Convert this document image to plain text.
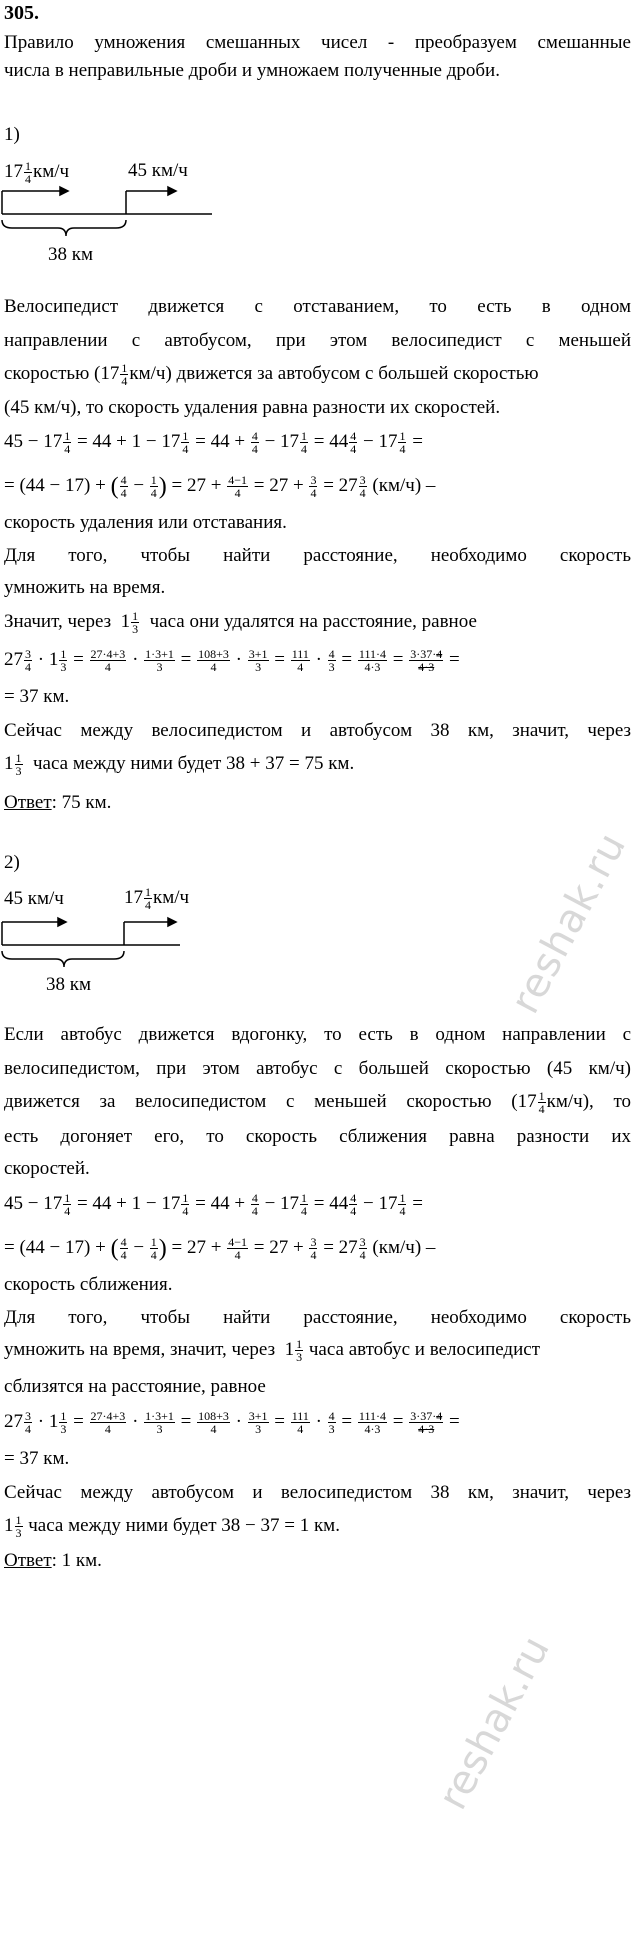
305.
Правило умножения смешанных чисел - преобразуем смешанные
числа в неправильные дроби и умножаем полученные дроби.
1)
$17 \frac{1}{4} км/ч$	45 км/ч
38 км
Велосипедист движется с отставанием, то есть в одном
направлении с автобусом, при этом велосипедист с меньшей
скоростью $(17 \frac{1}{4} км/ч)$ движется за автобусом с большей скоростью
(45 км/ч), то скорость удаления равна разности их скоростей.
$45 - 17 \frac{1}{4} = 44 + 1 - 17 \frac{1}{4} = 44 + \frac{4}{4} - 17 \frac{1}{4} = 44 \frac{4}{4} - 17 \frac{1}{4}$ =
= (44 − 17) + ( $\frac{4}{4} - \frac{1}{4}$ ) = $27 + \frac{4-1}{4} = 27 + \frac{3}{4} = 27 \frac{3}{4} (км/ч)$ –
скорость удаления или отставания.
Для того, чтобы найти расстояние, необходимо скорость
умножить на время.
Значит, через  $1 \frac{1}{3}$ часа они удалятся на расстояние, равное
$27 \frac{3}{4} \cdot 1 \frac{1}{3} = \frac{27\cdot 4+3}{4} \cdot \frac{1\cdot 3+1}{3} = \frac{108+3}{4} \cdot \frac{3+1}{3} = \frac{111}{4} \cdot \frac{4}{3} = \frac{111\cdot 4}{4\cdot 3} = \frac{3\cdot 37\cdot 4}{4\cdot 3}$ =
= 37 км.
Сейчас между велосипедистом и автобусом 38 км, значит, через
$1 \frac{1}{3}$ часа между ними будет 38 + 37 = 75 км.
Ответ: 75 км.
2)
45 км/ч	$17 \frac{1}{4} км/ч$
38 км
Если автобус движется вдогонку, то есть в одном направлении с
велосипедистом, при этом автобус с большей скоростью (45 км/ч)
движется за велосипедистом с меньшей скоростью $(17 \frac{1}{4} км/ч)$, то
есть догоняет его, то скорость сближения равна разности их
скоростей.
$45 - 17 \frac{1}{4} = 44 + 1 - 17 \frac{1}{4} = 44 + \frac{4}{4} - 17 \frac{1}{4} = 44 \frac{4}{4} - 17 \frac{1}{4}$ =
= (44 − 17) + ( $\frac{4}{4} - \frac{1}{4}$ ) = $27 + \frac{4-1}{4} = 27 + \frac{3}{4} = 27 \frac{3}{4} (км/ч)$ –
скорость сближения.
Для того, чтобы найти расстояние, необходимо скорость
умножить на время, значит, через  $1 \frac{1}{3}$ часа автобус и велосипедист
сблизятся на расстояние, равное
$27 \frac{3}{4} \cdot 1 \frac{1}{3} = \frac{27\cdot 4+3}{4} \cdot \frac{1\cdot 3+1}{3} = \frac{108+3}{4} \cdot \frac{3+1}{3} = \frac{111}{4} \cdot \frac{4}{3} = \frac{111\cdot 4}{4\cdot 3} = \frac{3\cdot 37\cdot 4}{4\cdot 3}$ =
= 37 км.
Сейчас между автобусом и велосипедистом 38 км, значит, через
$1 \frac{1}{3}$ часа между ними будет 38 − 37 = 1 км.
Ответ: 1 км.
reshak.ru
reshak.ru
